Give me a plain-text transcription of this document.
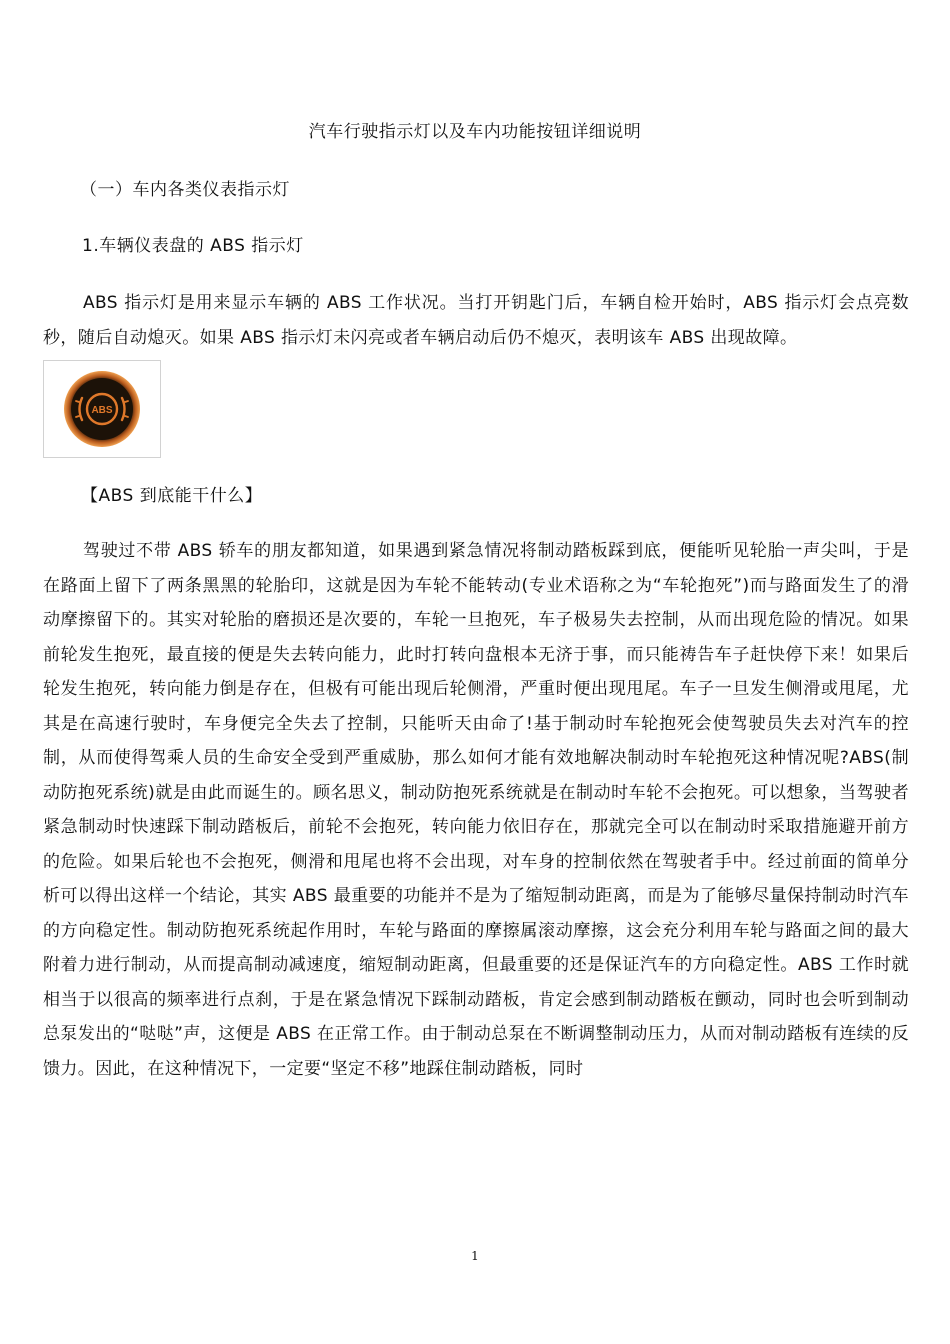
汽车行驶指示灯以及车内功能按钮详细说明
（一）车内各类仪表指示灯
1.车辆仪表盘的 ABS 指示灯

ABS 指示灯是用来显示车辆的 ABS 工作状况。当打开钥匙门后，车辆自检开始时，ABS 指示灯会点亮数秒，随后自动熄灭。如果 ABS 指示灯未闪亮或者车辆启动后仍不熄灭，表明该车 ABS 出现故障。

ABS
【ABS 到底能干什么】

驾驶过不带 ABS 轿车的朋友都知道，如果遇到紧急情况将制动踏板踩到底，便能听见轮胎一声尖叫，于是在路面上留下了两条黑黑的轮胎印，这就是因为车轮不能转动(专业术语称之为“车轮抱死”)而与路面发生了的滑动摩擦留下的。其实对轮胎的磨损还是次要的，车轮一旦抱死，车子极易失去控制，从而出现危险的情况。如果前轮发生抱死，最直接的便是失去转向能力，此时打转向盘根本无济于事，而只能祷告车子赶快停下来！如果后轮发生抱死，转向能力倒是存在，但极有可能出现后轮侧滑，严重时便出现甩尾。车子一旦发生侧滑或甩尾，尤其是在高速行驶时，车身便完全失去了控制，只能听天由命了!基于制动时车轮抱死会使驾驶员失去对汽车的控制，从而使得驾乘人员的生命安全受到严重威胁，那么如何才能有效地解决制动时车轮抱死这种情况呢?ABS(制动防抱死系统)就是由此而诞生的。顾名思义，制动防抱死系统就是在制动时车轮不会抱死。可以想象，当驾驶者紧急制动时快速踩下制动踏板后，前轮不会抱死，转向能力依旧存在，那就完全可以在制动时采取措施避开前方的危险。如果后轮也不会抱死，侧滑和甩尾也将不会出现，对车身的控制依然在驾驶者手中。经过前面的简单分析可以得出这样一个结论，其实 ABS 最重要的功能并不是为了缩短制动距离，而是为了能够尽量保持制动时汽车的方向稳定性。制动防抱死系统起作用时，车轮与路面的摩擦属滚动摩擦，这会充分利用车轮与路面之间的最大附着力进行制动，从而提高制动减速度，缩短制动距离，但最重要的还是保证汽车的方向稳定性。ABS 工作时就相当于以很高的频率进行点刹，于是在紧急情况下踩制动踏板，肯定会感到制动踏板在颤动，同时也会听到制动总泵发出的“哒哒”声，这便是 ABS 在正常工作。由于制动总泵在不断调整制动压力，从而对制动踏板有连续的反馈力。因此，在这种情况下，一定要“坚定不移”地踩住制动踏板，同时

1
